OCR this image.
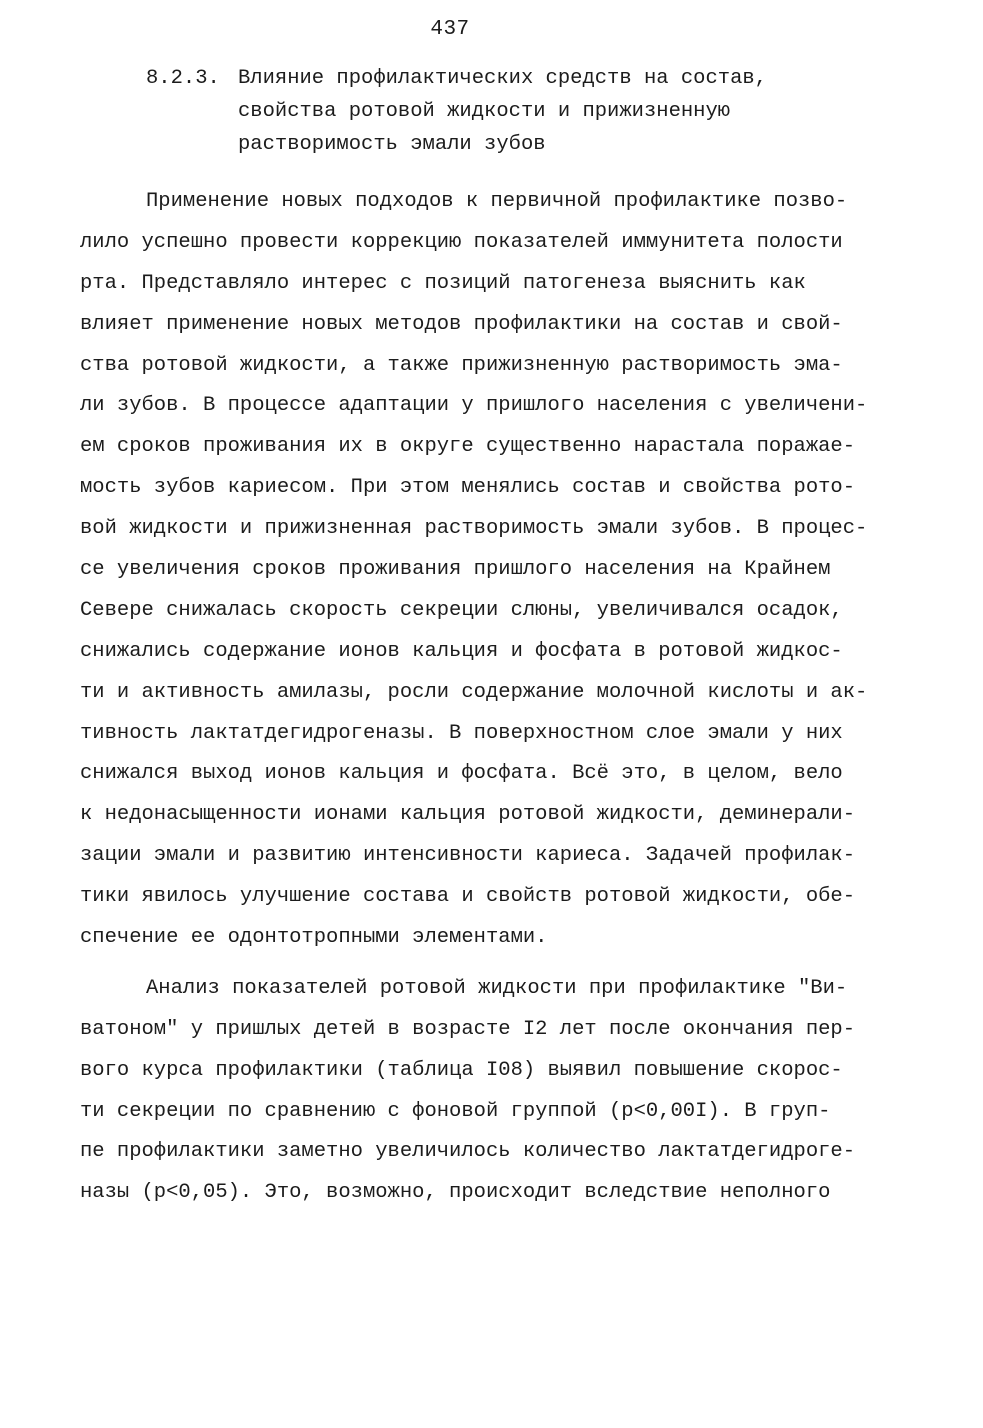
437
8.2.3. Влияние профилактических средств на состав,
свойства ротовой жидкости и прижизненную
растворимость эмали зубов
Применение новых подходов к первичной профилактике позво-
лило успешно провести коррекцию показателей иммунитета полости
рта. Представляло интерес с позиций патогенеза выяснить как
влияет применение новых методов профилактики на состав и свой-
ства ротовой жидкости, а также прижизненную растворимость эма-
ли зубов. В процессе адаптации у пришлого населения с увеличени-
ем сроков проживания их в округе существенно нарастала поражае-
мость зубов кариесом. При этом менялись состав и свойства рото-
вой жидкости и прижизненная растворимость эмали зубов. В процес-
се увеличения сроков проживания пришлого населения на Крайнем
Севере снижалась скорость секреции слюны, увеличивался осадок,
снижались содержание ионов кальция и фосфата в ротовой жидкос-
ти и активность амилазы, росли содержание молочной кислоты и ак-
тивность лактатдегидрогеназы. В поверхностном слое эмали у них
снижался выход ионов кальция и фосфата. Всё это, в целом, вело
к недонасыщенности ионами кальция ротовой жидкости, деминерали-
зации эмали и развитию интенсивности кариеса. Задачей профилак-
тики явилось улучшение состава и свойств ротовой жидкости, обе-
спечение ее одонтотропными элементами.
Анализ показателей ротовой жидкости при профилактике "Ви-
ватоном" у пришлых детей в возрасте I2 лет после окончания пер-
вого курса профилактики (таблица I08) выявил повышение скорос-
ти секреции по сравнению с фоновой группой (р<0,00I). В груп-
пе профилактики заметно увеличилось количество лактатдегидроге-
назы (р<0,05). Это, возможно, происходит вследствие неполного
